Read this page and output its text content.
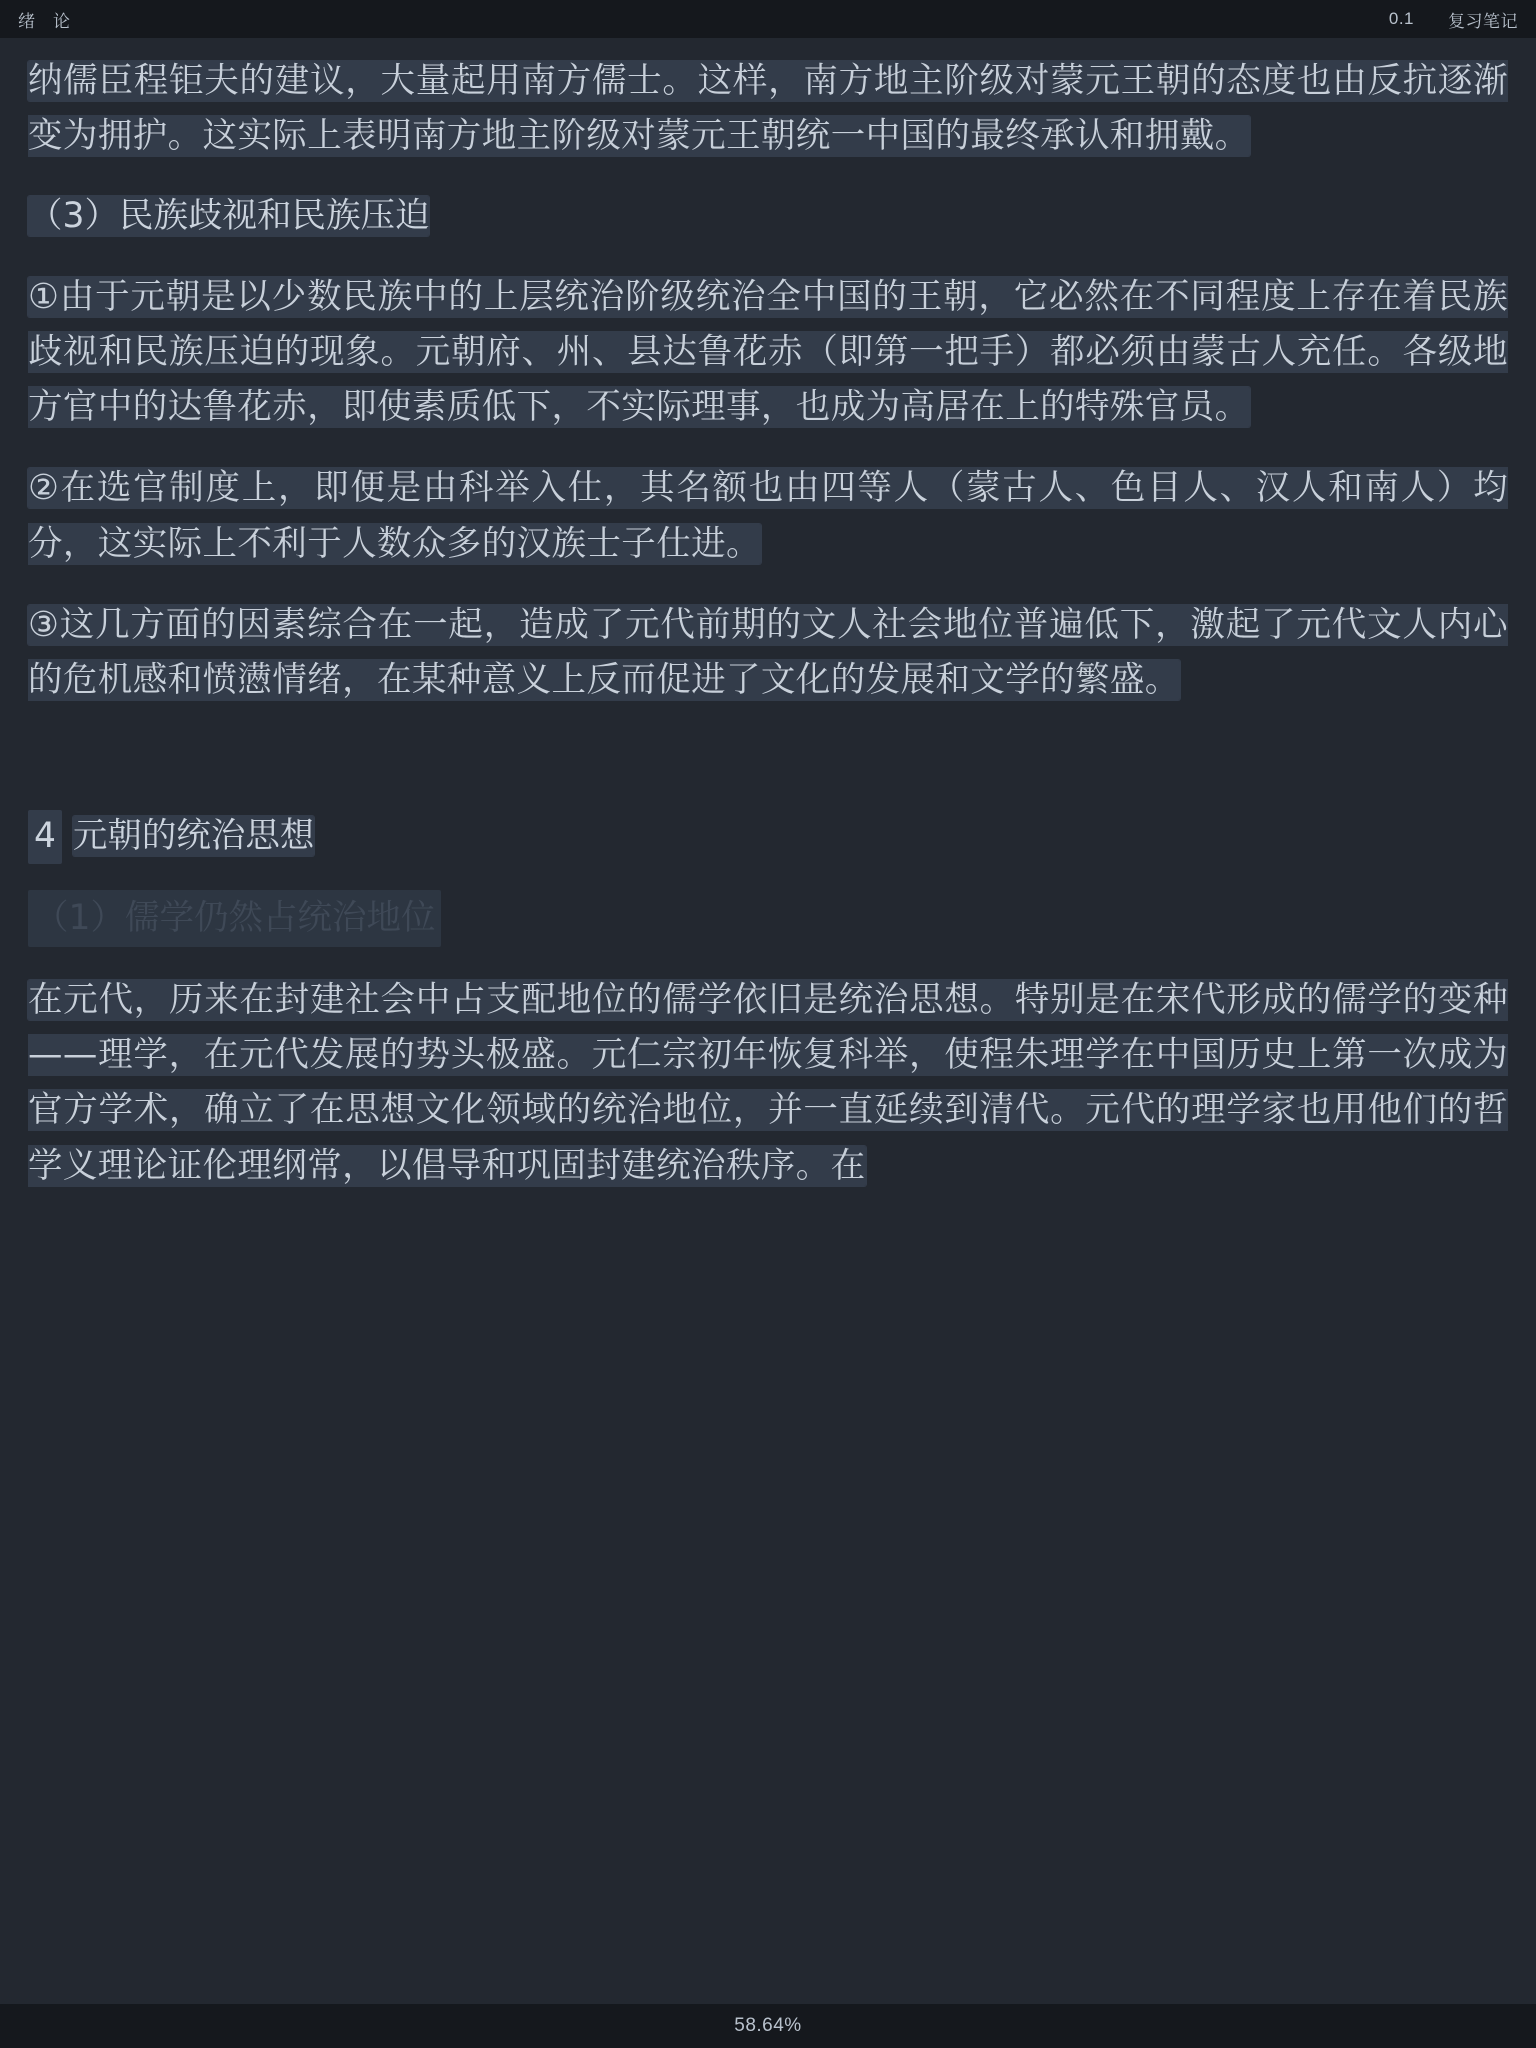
绪　论	0.1 复习笔记

纳儒臣程钜夫的建议，大量起用南方儒士。这样，南方地主阶级对蒙元王朝的态度也由反抗逐渐变为拥护。这实际上表明南方地主阶级对蒙元王朝统一中国的最终承认和拥戴。

（3）民族歧视和民族压迫

①由于元朝是以少数民族中的上层统治阶级统治全中国的王朝，它必然在不同程度上存在着民族歧视和民族压迫的现象。元朝府、州、县达鲁花赤（即第一把手）都必须由蒙古人充任。各级地方官中的达鲁花赤，即使素质低下，不实际理事，也成为高居在上的特殊官员。

②在选官制度上，即便是由科举入仕，其名额也由四等人（蒙古人、色目人、汉人和南人）均分，这实际上不利于人数众多的汉族士子仕进。

③这几方面的因素综合在一起，造成了元代前期的文人社会地位普遍低下，激起了元代文人内心的危机感和愤懑情绪，在某种意义上反而促进了文化的发展和文学的繁盛。

4 元朝的统治思想

（1）儒学仍然占统治地位

在元代，历来在封建社会中占支配地位的儒学依旧是统治思想。特别是在宋代形成的儒学的变种——理学，在元代发展的势头极盛。元仁宗初年恢复科举，使程朱理学在中国历史上第一次成为官方学术，确立了在思想文化领域的统治地位，并一直延续到清代。元代的理学家也用他们的哲学义理论证伦理纲常，以倡导和巩固封建统治秩序。在

58.64%
